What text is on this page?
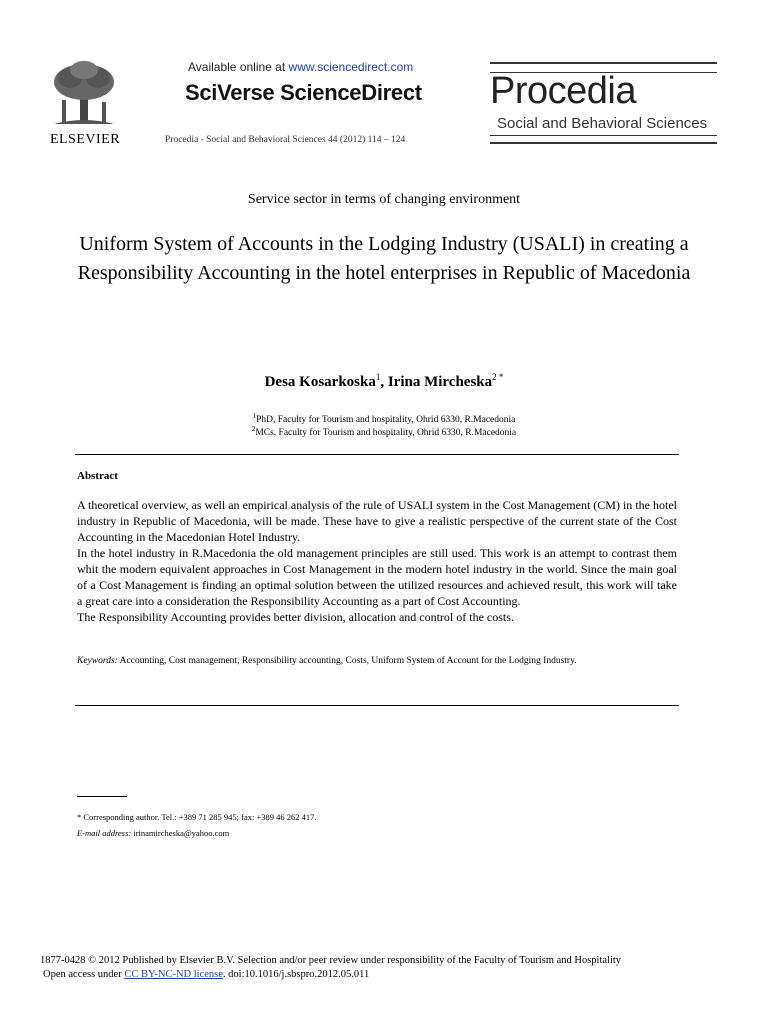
ELSEVIER
Available online at www.sciencedirect.com
SciVerse ScienceDirect
Procedia - Social and Behavioral Sciences 44 (2012) 114 – 124
Procedia
Social and Behavioral Sciences
Service sector in terms of changing environment
Uniform System of Accounts in the Lodging Industry (USALI) in creating a Responsibility Accounting in the hotel enterprises in Republic of Macedonia
Desa Kosarkoska$^1$, Irina Mircheska$^{2 *}$
$^1$PhD, Faculty for Tourism and hospitality, Ohrid 6330, R.Macedonia
$^2$MCs, Faculty for Tourism and hospitality, Ohrid 6330, R.Macedonia
Abstract

A theoretical overview, as well an empirical analysis of the rule of USALI system in the Cost Management (CM) in the hotel industry in Republic of Macedonia, will be made. These have to give a realistic perspective of the current state of the Cost Accounting in the Macedonian Hotel Industry.

In the hotel industry in R.Macedonia the old management principles are still used. This work is an attempt to contrast them whit the modern equivalent approaches in Cost Management in the modern hotel industry in the world. Since the main goal of a Cost Management is finding an optimal solution between the utilized resources and achieved result, this work will take a great care into a consideration the Responsibility Accounting as a part of Cost Accounting.

The Responsibility Accounting provides better division, allocation and control of the costs.

Keywords: Accounting, Cost management, Responsibility accounting, Costs, Uniform System of Account for the Lodging Industry.
* Corresponding author. Tel.: +389 71 285 945; fax: +389 46 262 417.
E-mail address: irinamircheska@yahoo.com
1877-0428 © 2012 Published by Elsevier B.V. Selection and/or peer review under responsibility of the Faculty of Tourism and Hospitality
Open access under CC BY-NC-ND license. doi:10.1016/j.sbspro.2012.05.011
